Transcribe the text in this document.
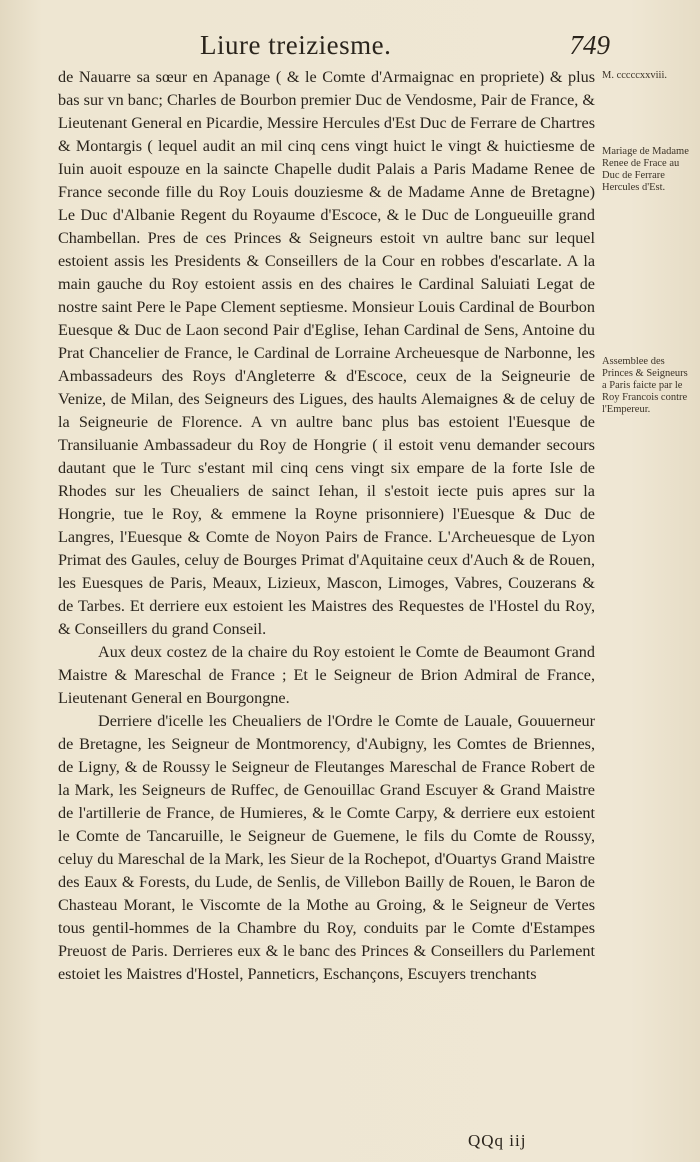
Liure treiziesme.	749

de Nauarre sa sœur en Apanage ( & le Comte d'Armaignac en propriete) & plus bas sur vn banc; Charles de Bourbon premier Duc de Vendosme, Pair de France, & Lieutenant General en Picardie, Messire Hercules d'Est Duc de Ferrare de Chartres & Montargis ( lequel audit an mil cinq cens vingt huict le vingt & huictiesme de Iuin auoit espouze en la saincte Chapelle dudit Palais a Paris Madame Renee de France seconde fille du Roy Louis douziesme & de Madame Anne de Bretagne) Le Duc d'Albanie Regent du Royaume d'Escoce, & le Duc de Longueuille grand Chambellan. Pres de ces Princes & Seigneurs estoit vn aultre banc sur lequel estoient assis les Presidents & Conseillers de la Cour en robbes d'escarlate. A la main gauche du Roy estoient assis en des chaires le Cardinal Saluiati Legat de nostre saint Pere le Pape Clement septiesme. Monsieur Louis Cardinal de Bourbon Euesque & Duc de Laon second Pair d'Eglise, Iehan Cardinal de Sens, Antoine du Prat Chancelier de France, le Cardinal de Lorraine Archeuesque de Narbonne, les Ambassadeurs des Roys d'Angleterre & d'Escoce, ceux de la Seigneurie de Venize, de Milan, des Seigneurs des Ligues, des haults Alemaignes & de celuy de la Seigneurie de Florence. A vn aultre banc plus bas estoient l'Euesque de Transiluanie Ambassadeur du Roy de Hongrie ( il estoit venu demander secours dautant que le Turc s'estant mil cinq cens vingt six empare de la forte Isle de Rhodes sur les Cheualiers de sainct Iehan, il s'estoit iecte puis apres sur la Hongrie, tue le Roy, & emmene la Royne prisonniere) l'Euesque & Duc de Langres, l'Euesque & Comte de Noyon Pairs de France. L'Archeuesque de Lyon Primat des Gaules, celuy de Bourges Primat d'Aquitaine ceux d'Auch & de Rouen, les Euesques de Paris, Meaux, Lizieux, Mascon, Limoges, Vabres, Couzerans & de Tarbes. Et derriere eux estoient les Maistres des Requestes de l'Hostel du Roy, & Conseillers du grand Conseil.

Aux deux costez de la chaire du Roy estoient le Comte de Beaumont Grand Maistre & Mareschal de France ; Et le Seigneur de Brion Admiral de France, Lieutenant General en Bourgongne.

Derriere d'icelle les Cheualiers de l'Ordre le Comte de Lauale, Gouuerneur de Bretagne, les Seigneur de Montmorency, d'Aubigny, les Comtes de Briennes, de Ligny, & de Roussy le Seigneur de Fleutanges Mareschal de France Robert de la Mark, les Seigneurs de Ruffec, de Genouillac Grand Escuyer & Grand Maistre de l'artillerie de France, de Humieres, & le Comte Carpy, & derriere eux estoient le Comte de Tancaruille, le Seigneur de Guemene, le fils du Comte de Roussy, celuy du Mareschal de la Mark, les Sieur de la Rochepot, d'Ouartys Grand Maistre des Eaux & Forests, du Lude, de Senlis, de Villebon Bailly de Rouen, le Baron de Chasteau Morant, le Viscomte de la Mothe au Groing, & le Seigneur de Vertes tous gentil-hommes de la Chambre du Roy, conduits par le Comte d'Estampes Preuost de Paris. Derrieres eux & le banc des Princes & Conseillers du Parlement estoiet les Maistres d'Hostel, Panneticrs, Eschançons, Escuyers trenchants

M. cccccxxviii.
Mariage de Madame Renee de Frace au Duc de Ferrare Hercules d'Est.
Assemblee des Princes & Seigneurs a Paris faicte par le Roy Francois contre l'Empereur.
QQq iij
